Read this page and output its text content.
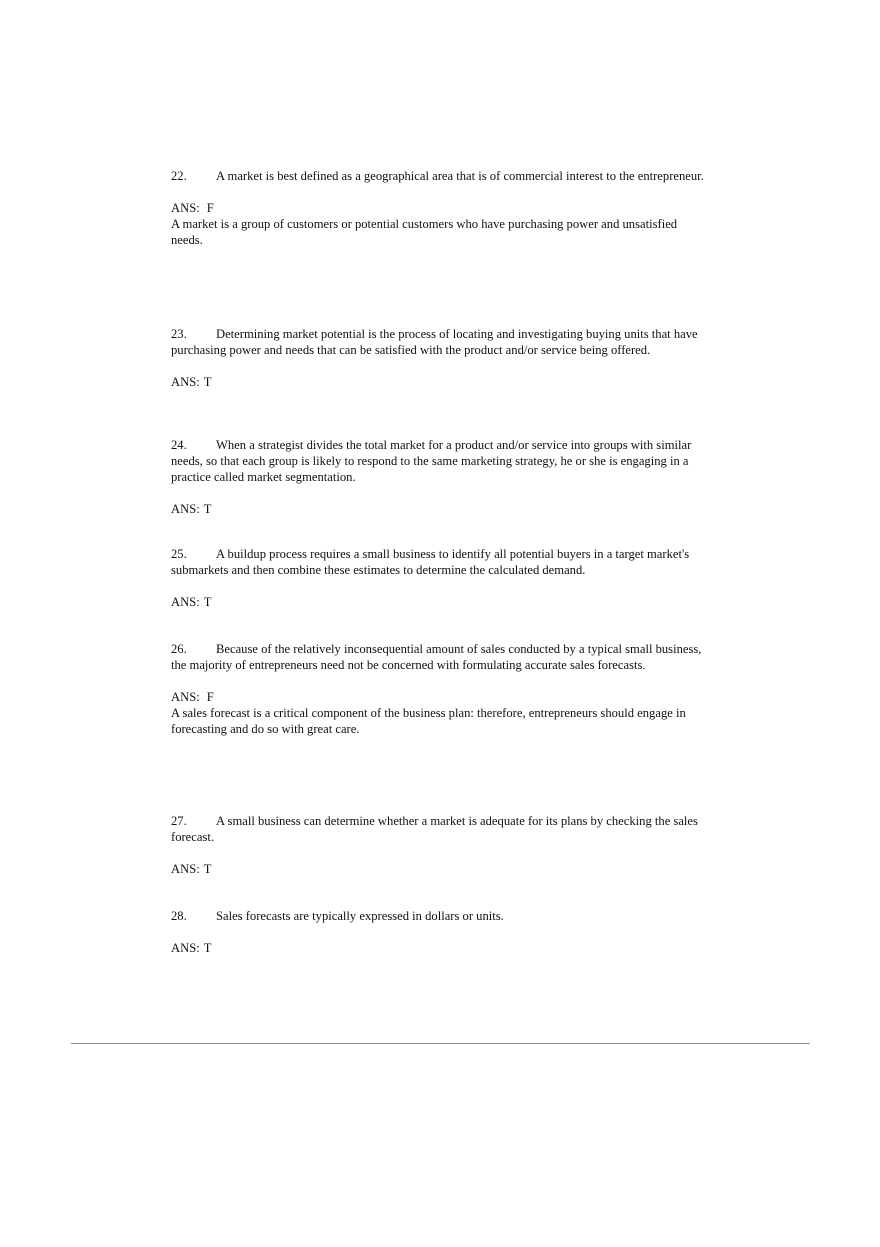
22. A market is best defined as a geographical area that is of commercial interest to the entrepreneur.

ANS: F

A market is a group of customers or potential customers who have purchasing power and unsatisfied needs.

23. Determining market potential is the process of locating and investigating buying units that have purchasing power and needs that can be satisfied with the product and/or service being offered.

ANS: T

24. When a strategist divides the total market for a product and/or service into groups with similar needs, so that each group is likely to respond to the same marketing strategy, he or she is engaging in a practice called market segmentation.

ANS: T

25. A buildup process requires a small business to identify all potential buyers in a target market's submarkets and then combine these estimates to determine the calculated demand.

ANS: T

26. Because of the relatively inconsequential amount of sales conducted by a typical small business, the majority of entrepreneurs need not be concerned with formulating accurate sales forecasts.

ANS: F

A sales forecast is a critical component of the business plan: therefore, entrepreneurs should engage in forecasting and do so with great care.

27. A small business can determine whether a market is adequate for its plans by checking the sales forecast.

ANS: T

28. Sales forecasts are typically expressed in dollars or units.

ANS: T
